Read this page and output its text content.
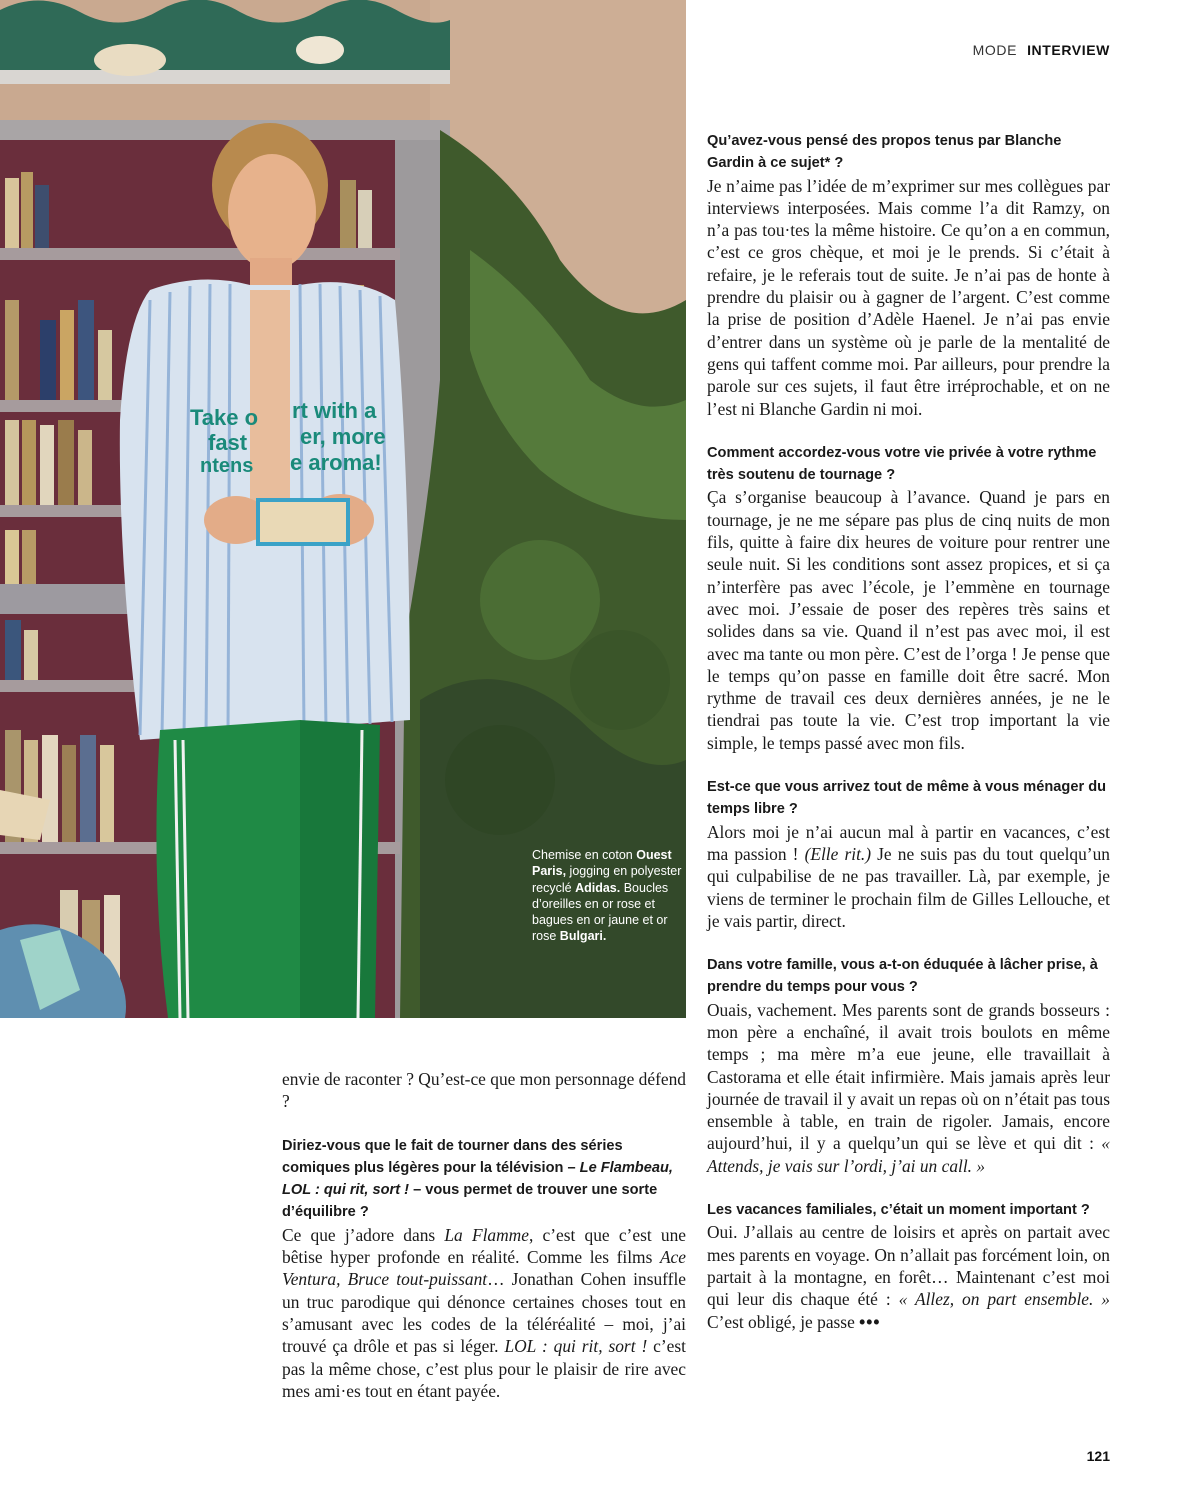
Take o rt with a
fast er, more
ntens e aroma!
Chemise en coton Ouest Paris, jogging en polyester recyclé Adidas. Boucles d’oreilles en or rose et bagues en or jaune et or rose Bulgari.
MODE INTERVIEW

envie de raconter ? Qu’est-ce que mon personnage défend ?

Diriez-vous que le fait de tourner dans des séries comiques plus légères pour la télévision – Le Flambeau, LOL : qui rit, sort ! – vous permet de trouver une sorte d’équilibre ?

Ce que j’adore dans La Flamme, c’est que c’est une bêtise hyper profonde en réalité. Comme les films Ace Ventura, Bruce tout-puissant… Jonathan Cohen insuffle un truc parodique qui dénonce certaines choses tout en s’amusant avec les codes de la téléréalité – moi, j’ai trouvé ça drôle et pas si léger. LOL : qui rit, sort ! c’est pas la même chose, c’est plus pour le plaisir de rire avec mes ami·es tout en étant payée.

Qu’avez-vous pensé des propos tenus par Blanche Gardin à ce sujet* ?

Je n’aime pas l’idée de m’exprimer sur mes collègues par interviews interposées. Mais comme l’a dit Ramzy, on n’a pas tou·tes la même histoire. Ce qu’on a en commun, c’est ce gros chèque, et moi je le prends. Si c’était à refaire, je le referais tout de suite. Je n’ai pas de honte à prendre du plaisir ou à gagner de l’argent. C’est comme la prise de position d’Adèle Haenel. Je n’ai pas envie d’entrer dans un système où je parle de la mentalité de gens qui taffent comme moi. Par ailleurs, pour prendre la parole sur ces sujets, il faut être irréprochable, et on ne l’est ni Blanche Gardin ni moi.

Comment accordez-vous votre vie privée à votre rythme très soutenu de tournage ?

Ça s’organise beaucoup à l’avance. Quand je pars en tournage, je ne me sépare pas plus de cinq nuits de mon fils, quitte à faire dix heures de voiture pour rentrer une seule nuit. Si les conditions sont assez propices, et si ça n’interfère pas avec l’école, je l’emmène en tournage avec moi. J’essaie de poser des repères très sains et solides dans sa vie. Quand il n’est pas avec moi, il est avec ma tante ou mon père. C’est de l’orga ! Je pense que le temps qu’on passe en famille doit être sacré. Mon rythme de travail ces deux dernières années, je ne le tiendrai pas toute la vie. C’est trop important la vie simple, le temps passé avec mon fils.

Est-ce que vous arrivez tout de même à vous ménager du temps libre ?

Alors moi je n’ai aucun mal à partir en vacances, c’est ma passion ! (Elle rit.) Je ne suis pas du tout quelqu’un qui culpabilise de ne pas travailler. Là, par exemple, je viens de terminer le prochain film de Gilles Lellouche, et je vais partir, direct.

Dans votre famille, vous a-t-on éduquée à lâcher prise, à prendre du temps pour vous ?

Ouais, vachement. Mes parents sont de grands bosseurs : mon père a enchaîné, il avait trois boulots en même temps ; ma mère m’a eue jeune, elle travaillait à Castorama et elle était infirmière. Mais jamais après leur journée de travail il y avait un repas où on n’était pas tous ensemble à table, en train de rigoler. Jamais, encore aujourd’hui, il y a quelqu’un qui se lève et qui dit : « Attends, je vais sur l’ordi, j’ai un call. »

Les vacances familiales, c’était un moment important ?

Oui. J’allais au centre de loisirs et après on partait avec mes parents en voyage. On n’allait pas forcément loin, on partait à la montagne, en forêt… Maintenant c’est moi qui leur dis chaque été : « Allez, on part ensemble. » C’est obligé, je passe •••

121
